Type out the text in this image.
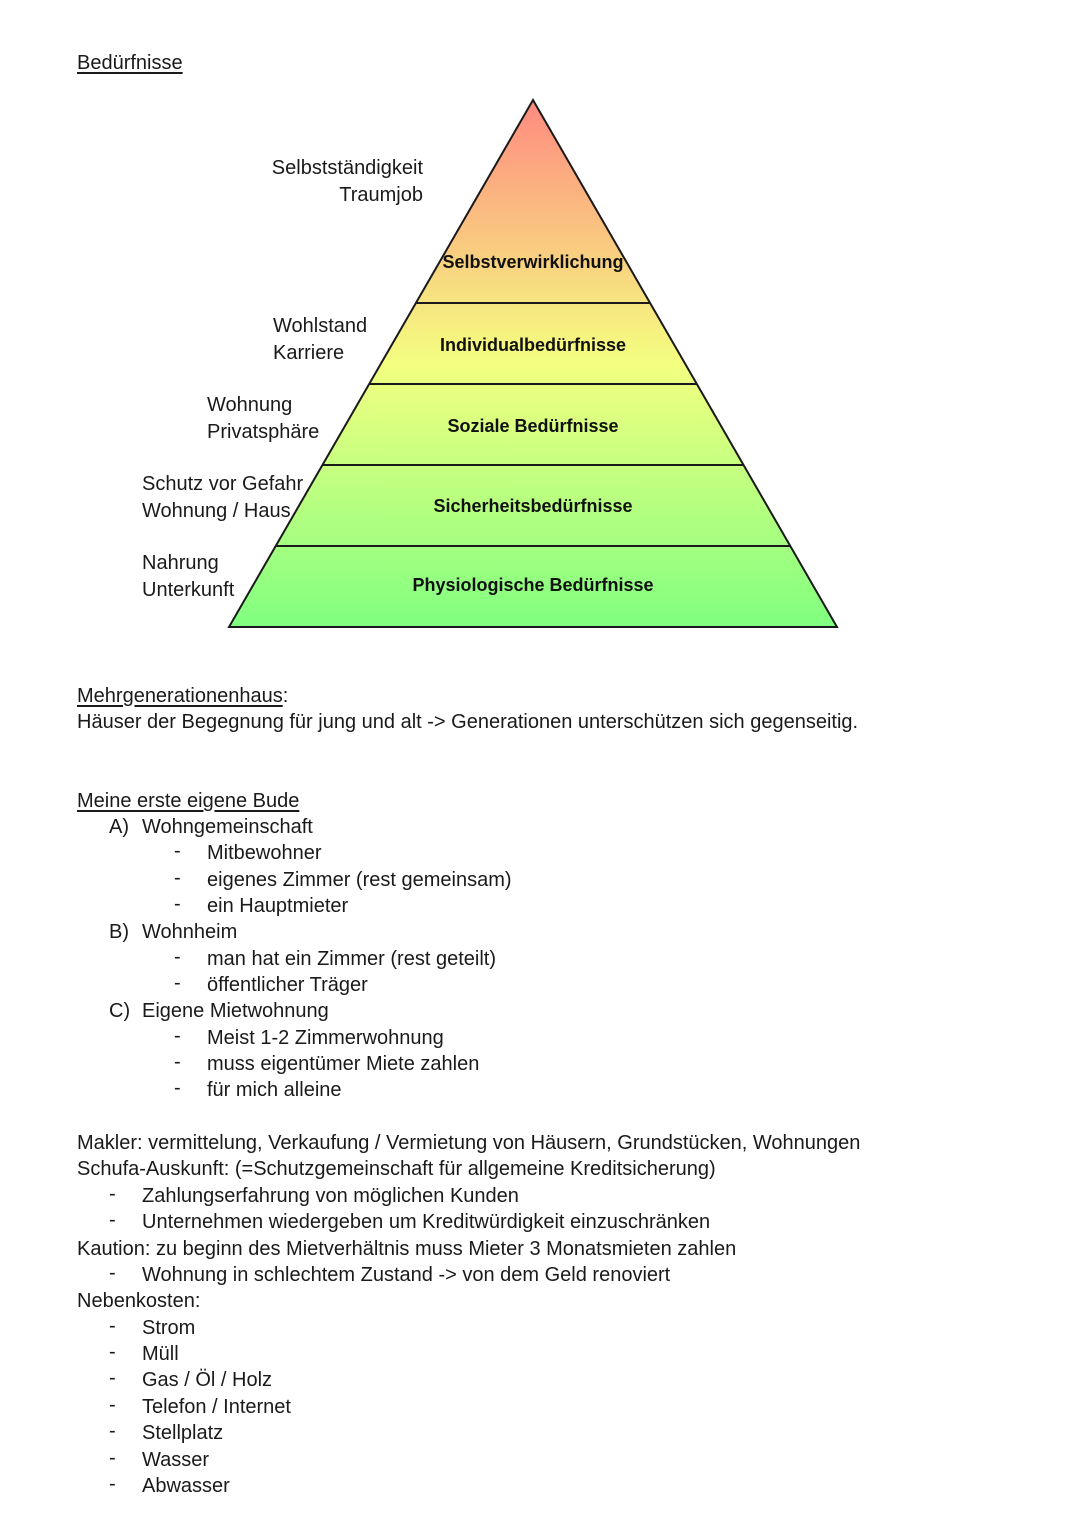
Bedürfnisse
Selbstverwirklichung
Individualbedürfnisse
Soziale Bedürfnisse
Sicherheitsbedürfnisse
Physiologische Bedürfnisse
Selbstständigkeit
Traumjob
Wohlstand
Karriere
Wohnung
Privatsphäre
Schutz vor Gefahr
Wohnung / Haus
Nahrung
Unterkunft
Mehrgenerationenhaus:
Häuser der Begegnung für jung und alt -> Generationen unterschützen sich gegenseitig.
Meine erste eigene Bude
A) Wohngemeinschaft
- Mitbewohner
- eigenes Zimmer (rest gemeinsam)
- ein Hauptmieter
B) Wohnheim
- man hat ein Zimmer (rest geteilt)
- öffentlicher Träger
C) Eigene Mietwohnung
- Meist 1-2 Zimmerwohnung
- muss eigentümer Miete zahlen
- für mich alleine
Makler: vermittelung, Verkaufung / Vermietung von Häusern, Grundstücken, Wohnungen
Schufa-Auskunft: (=Schutzgemeinschaft für allgemeine Kreditsicherung)
- Zahlungserfahrung von möglichen Kunden
- Unternehmen wiedergeben um Kreditwürdigkeit einzuschränken
Kaution: zu beginn des Mietverhältnis muss Mieter 3 Monatsmieten zahlen
- Wohnung in schlechtem Zustand -> von dem Geld renoviert
Nebenkosten:
- Strom
- Müll
- Gas / Öl / Holz
- Telefon / Internet
- Stellplatz
- Wasser
- Abwasser
